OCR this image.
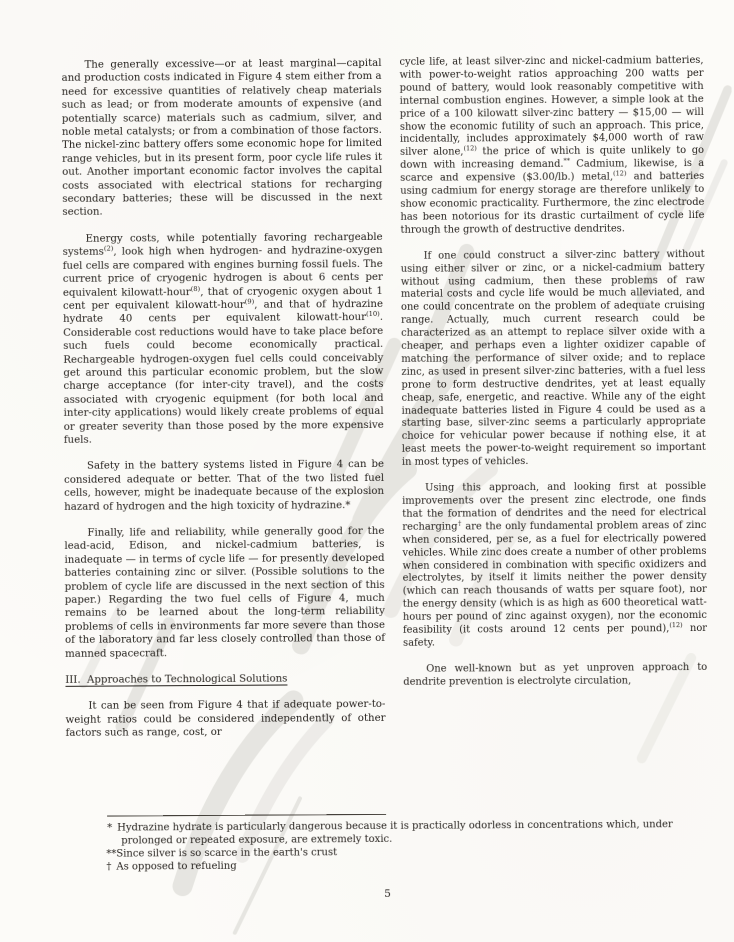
The generally excessive—or at least marginal—capital and production costs indicated in Figure 4 stem either from a need for excessive quantities of relatively cheap materials such as lead; or from moderate amounts of expensive (and potentially scarce) materials such as cadmium, silver, and noble metal catalysts; or from a combination of those factors. The nickel-zinc battery offers some economic hope for limited range vehicles, but in its present form, poor cycle life rules it out. Another important economic factor involves the capital costs associated with electrical stations for recharging secondary batteries; these will be discussed in the next section.

Energy costs, while potentially favoring rechargeable systems$^{(2)}$, look high when hydrogen- and hydrazine-oxygen fuel cells are compared with engines burning fossil fuels. The current price of cryogenic hydrogen is about 6 cents per equivalent kilowatt-hour$^{(8)}$, that of cryogenic oxygen about 1 cent per equivalent kilowatt-hour$^{(9)}$, and that of hydrazine hydrate 40 cents per equivalent kilowatt-hour$^{(10)}$. Considerable cost reductions would have to take place before such fuels could become economically practical. Rechargeable hydrogen-oxygen fuel cells could conceivably get around this particular economic problem, but the slow charge acceptance (for inter-city travel), and the costs associated with cryogenic equipment (for both local and inter-city applications) would likely create problems of equal or greater severity than those posed by the more expensive fuels.

Safety in the battery systems listed in Figure 4 can be considered adequate or better. That of the two listed fuel cells, however, might be inadequate because of the explosion hazard of hydrogen and the high toxicity of hydrazine.*

Finally, life and reliability, while generally good for the lead-acid, Edison, and nickel-cadmium batteries, is inadequate — in terms of cycle life — for presently developed batteries containing zinc or silver. (Possible solutions to the problem of cycle life are discussed in the next section of this paper.) Regarding the two fuel cells of Figure 4, much remains to be learned about the long-term reliability problems of cells in environments far more severe than those of the laboratory and far less closely controlled than those of manned spacecraft.

III.  Approaches to Technological Solutions

It can be seen from Figure 4 that if adequate power-to-weight ratios could be considered independently of other factors such as range, cost, or

cycle life, at least silver-zinc and nickel-cadmium batteries, with power-to-weight ratios approaching 200 watts per pound of battery, would look reasonably competitive with internal combustion engines. However, a simple look at the price of a 100 kilowatt silver-zinc battery — $15,00 — will show the economic futility of such an approach. This price, incidentally, includes approximately $4,000 worth of raw silver alone,$^{(12)}$ the price of which is quite unlikely to go down with increasing demand.** Cadmium, likewise, is a scarce and expensive ($3.00/lb.) metal,$^{(12)}$ and batteries using cadmium for energy storage are therefore unlikely to show economic practicality. Furthermore, the zinc electrode has been notorious for its drastic curtailment of cycle life through the growth of destructive dendrites.

If one could construct a silver-zinc battery without using either silver or zinc, or a nickel-cadmium battery without using cadmium, then these problems of raw material costs and cycle life would be much alleviated, and one could concentrate on the problem of adequate cruising range. Actually, much current research could be characterized as an attempt to replace silver oxide with a cheaper, and perhaps even a lighter oxidizer capable of matching the performance of silver oxide; and to replace zinc, as used in present silver-zinc batteries, with a fuel less prone to form destructive dendrites, yet at least equally cheap, safe, energetic, and reactive. While any of the eight inadequate batteries listed in Figure 4 could be used as a starting base, silver-zinc seems a particularly appropriate choice for vehicular power because if nothing else, it at least meets the power-to-weight requirement so important in most types of vehicles.

Using this approach, and looking first at possible improvements over the present zinc electrode, one finds that the formation of dendrites and the need for electrical recharging† are the only fundamental problem areas of zinc when considered, per se, as a fuel for electrically powered vehicles. While zinc does create a number of other problems when considered in combination with specific oxidizers and electrolytes, by itself it limits neither the power density (which can reach thousands of watts per square foot), nor the energy density (which is as high as 600 theoretical watt-hours per pound of zinc against oxygen), nor the economic feasibility (it costs around 12 cents per pound),$^{(12)}$ nor safety.

One well-known but as yet unproven approach to dendrite prevention is electrolyte circulation,

* Hydrazine hydrate is particularly dangerous because it is practically odorless in concentrations which, under prolonged or repeated exposure, are extremely toxic.

**Since silver is so scarce in the earth's crust

† As opposed to refueling

5
